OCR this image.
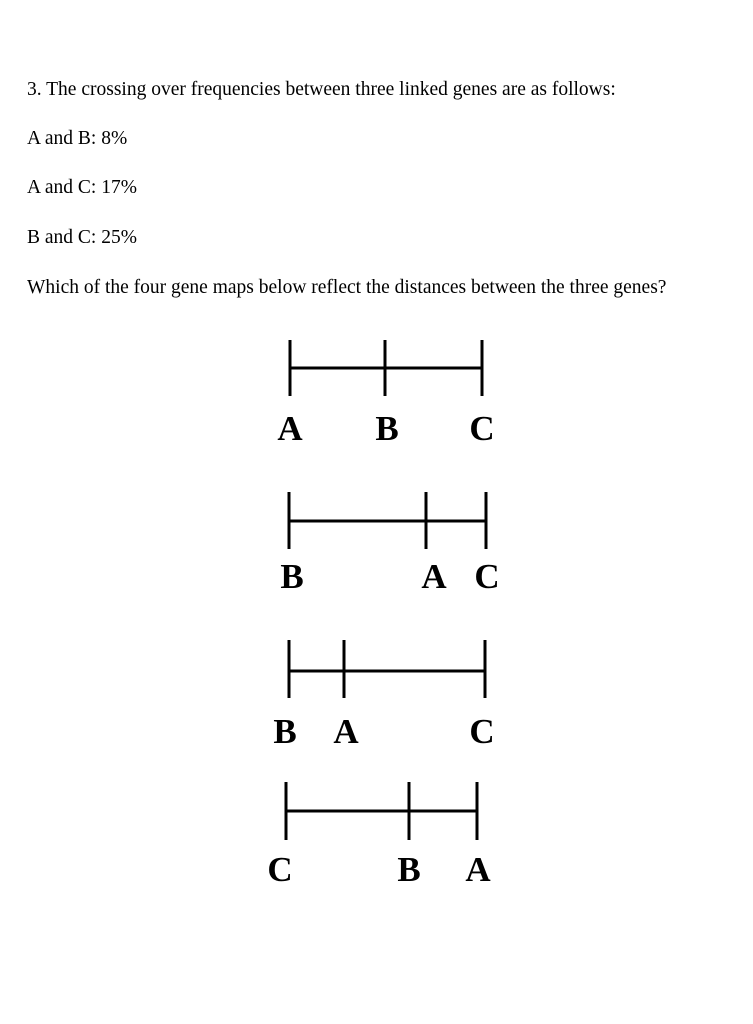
3. The crossing over frequencies between three linked genes are as follows:
A and B: 8%
A and C: 17%
B and C: 25%
Which of the four gene maps below reflect the distances between the three genes?
A B C
B	A C
B A	C
C	B A
